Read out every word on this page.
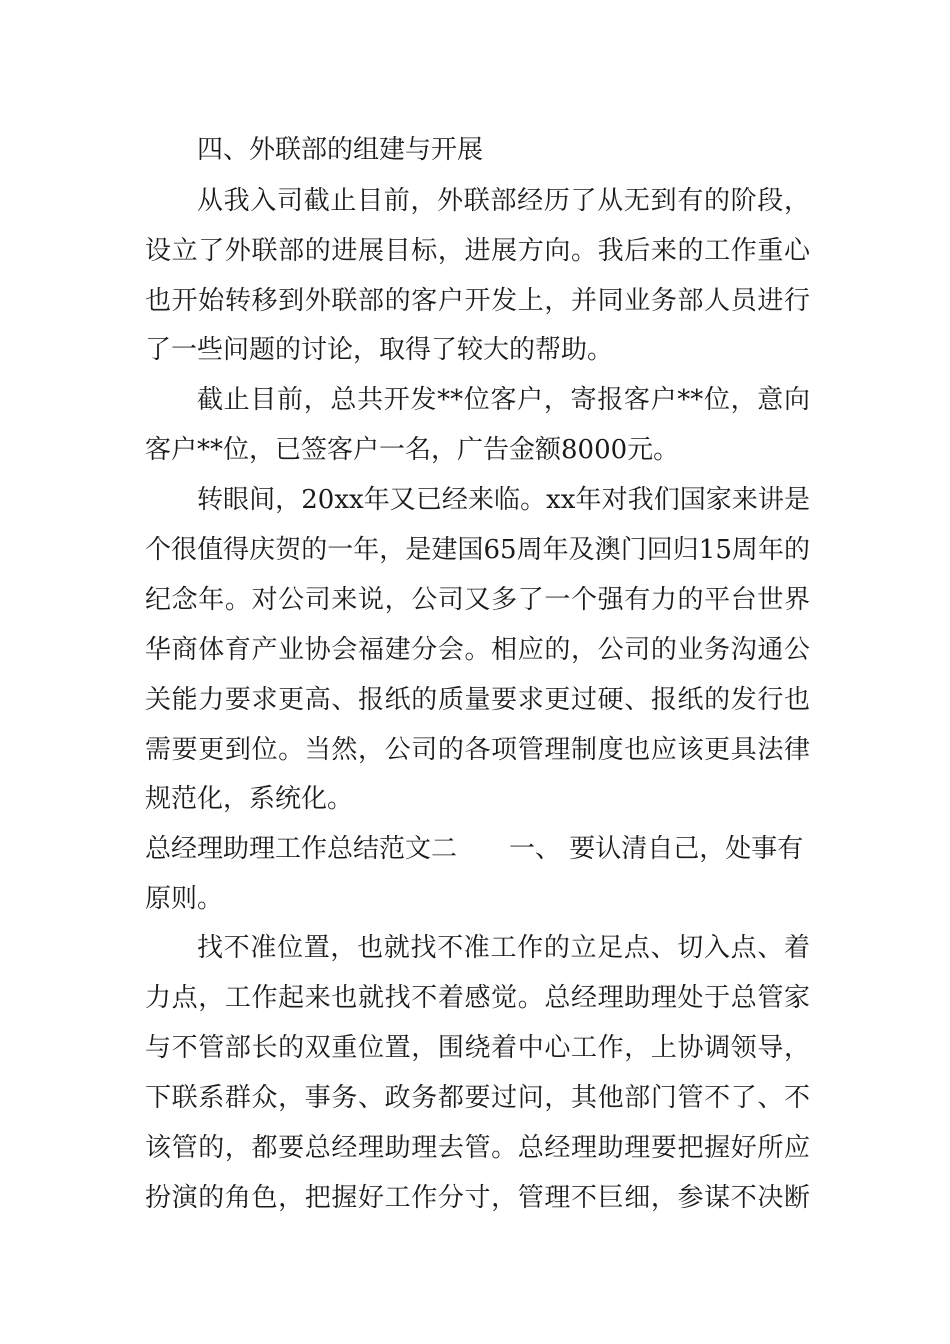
四、外联部的组建与开展
从我入司截止目前，外联部经历了从无到有的阶段，
设立了外联部的进展目标，进展方向。我后来的工作重心
也开始转移到外联部的客户开发上，并同业务部人员进行
了一些问题的讨论，取得了较大的帮助。
截止目前，总共开发**位客户，寄报客户**位，意向
客户**位，已签客户一名，广告金额8000元。
转眼间，20xx年又已经来临。xx年对我们国家来讲是
个很值得庆贺的一年，是建国65周年及澳门回归15周年的
纪念年。对公司来说，公司又多了一个强有力的平台世界
华商体育产业协会福建分会。相应的，公司的业务沟通公
关能力要求更高、报纸的质量要求更过硬、报纸的发行也
需要更到位。当然，公司的各项管理制度也应该更具法律
规范化，系统化。
总经理助理工作总结范文二　　一、 要认清自己，处事有
原则。
找不准位置，也就找不准工作的立足点、切入点、着
力点，工作起来也就找不着感觉。总经理助理处于总管家
与不管部长的双重位置，围绕着中心工作，上协调领导，
下联系群众，事务、政务都要过问，其他部门管不了、不
该管的，都要总经理助理去管。总经理助理要把握好所应
扮演的角色，把握好工作分寸，管理不巨细，参谋不决断
